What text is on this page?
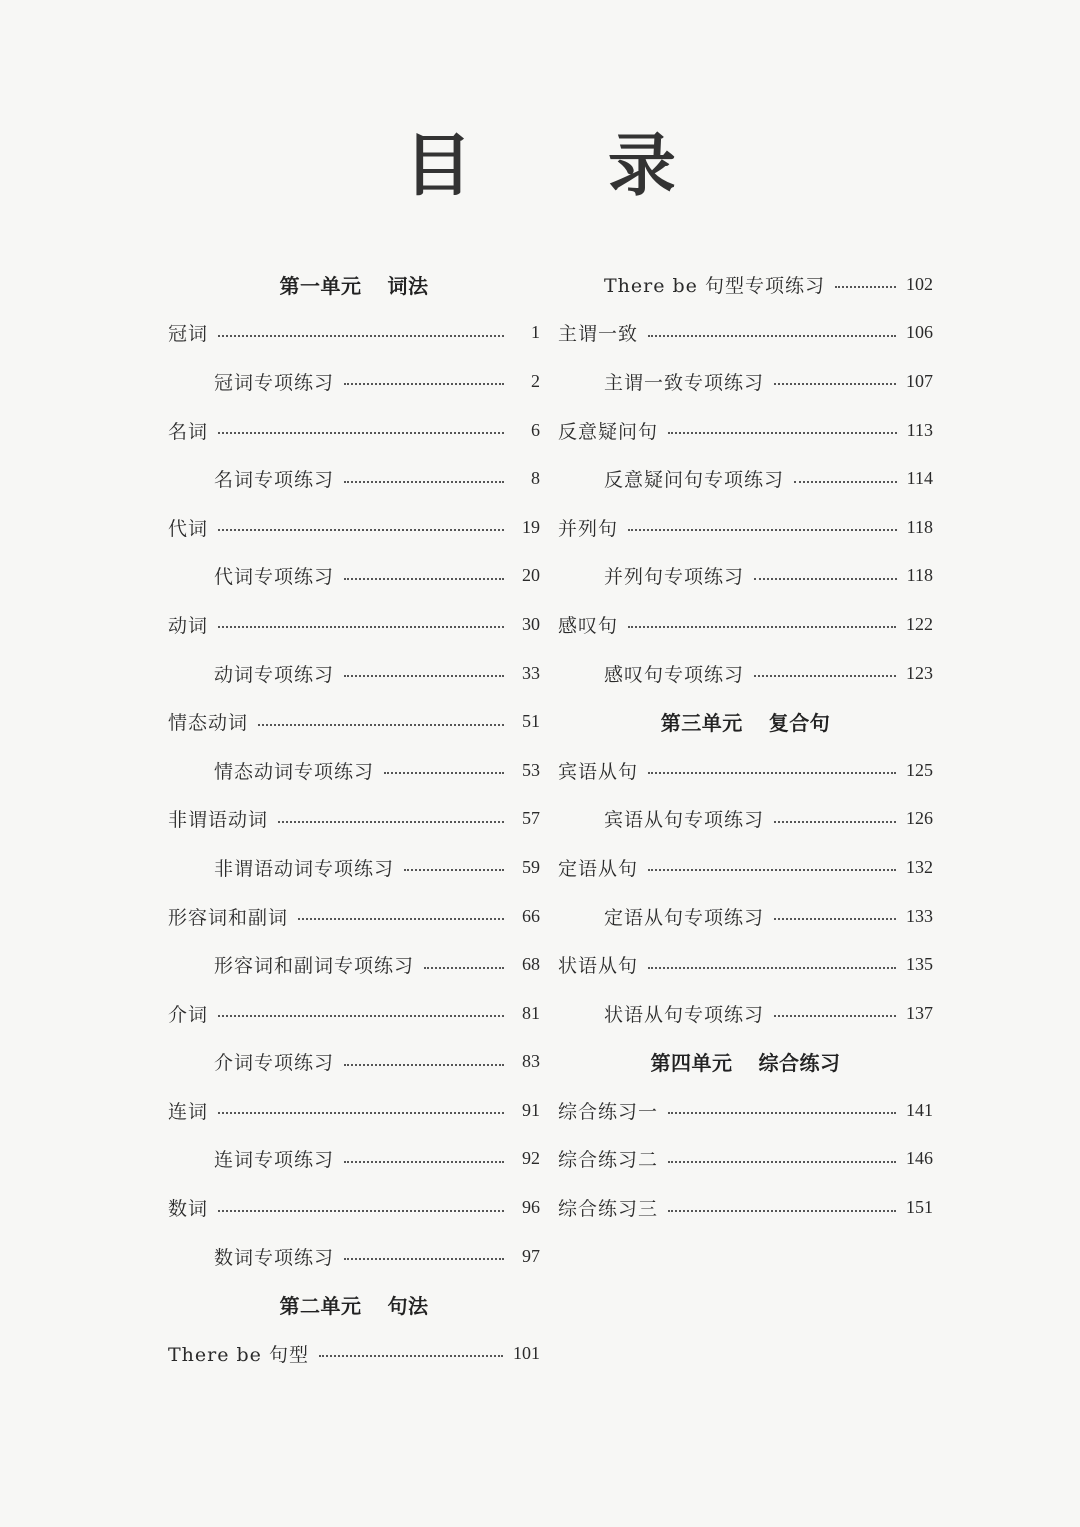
目 录
第一单元 词法
冠词	1
冠词专项练习	2
名词	6
名词专项练习	8
代词	19
代词专项练习	20
动词	30
动词专项练习	33
情态动词	51
情态动词专项练习	53
非谓语动词	57
非谓语动词专项练习	59
形容词和副词	66
形容词和副词专项练习	68
介词	81
介词专项练习	83
连词	91
连词专项练习	92
数词	96
数词专项练习	97
第二单元 句法
There be 句型	101
There be 句型专项练习	102
主谓一致	106
主谓一致专项练习	107
反意疑问句	113
反意疑问句专项练习	114
并列句	118
并列句专项练习	118
感叹句	122
感叹句专项练习	123
第三单元 复合句
宾语从句	125
宾语从句专项练习	126
定语从句	132
定语从句专项练习	133
状语从句	135
状语从句专项练习	137
第四单元 综合练习
综合练习一	141
综合练习二	146
综合练习三	151
